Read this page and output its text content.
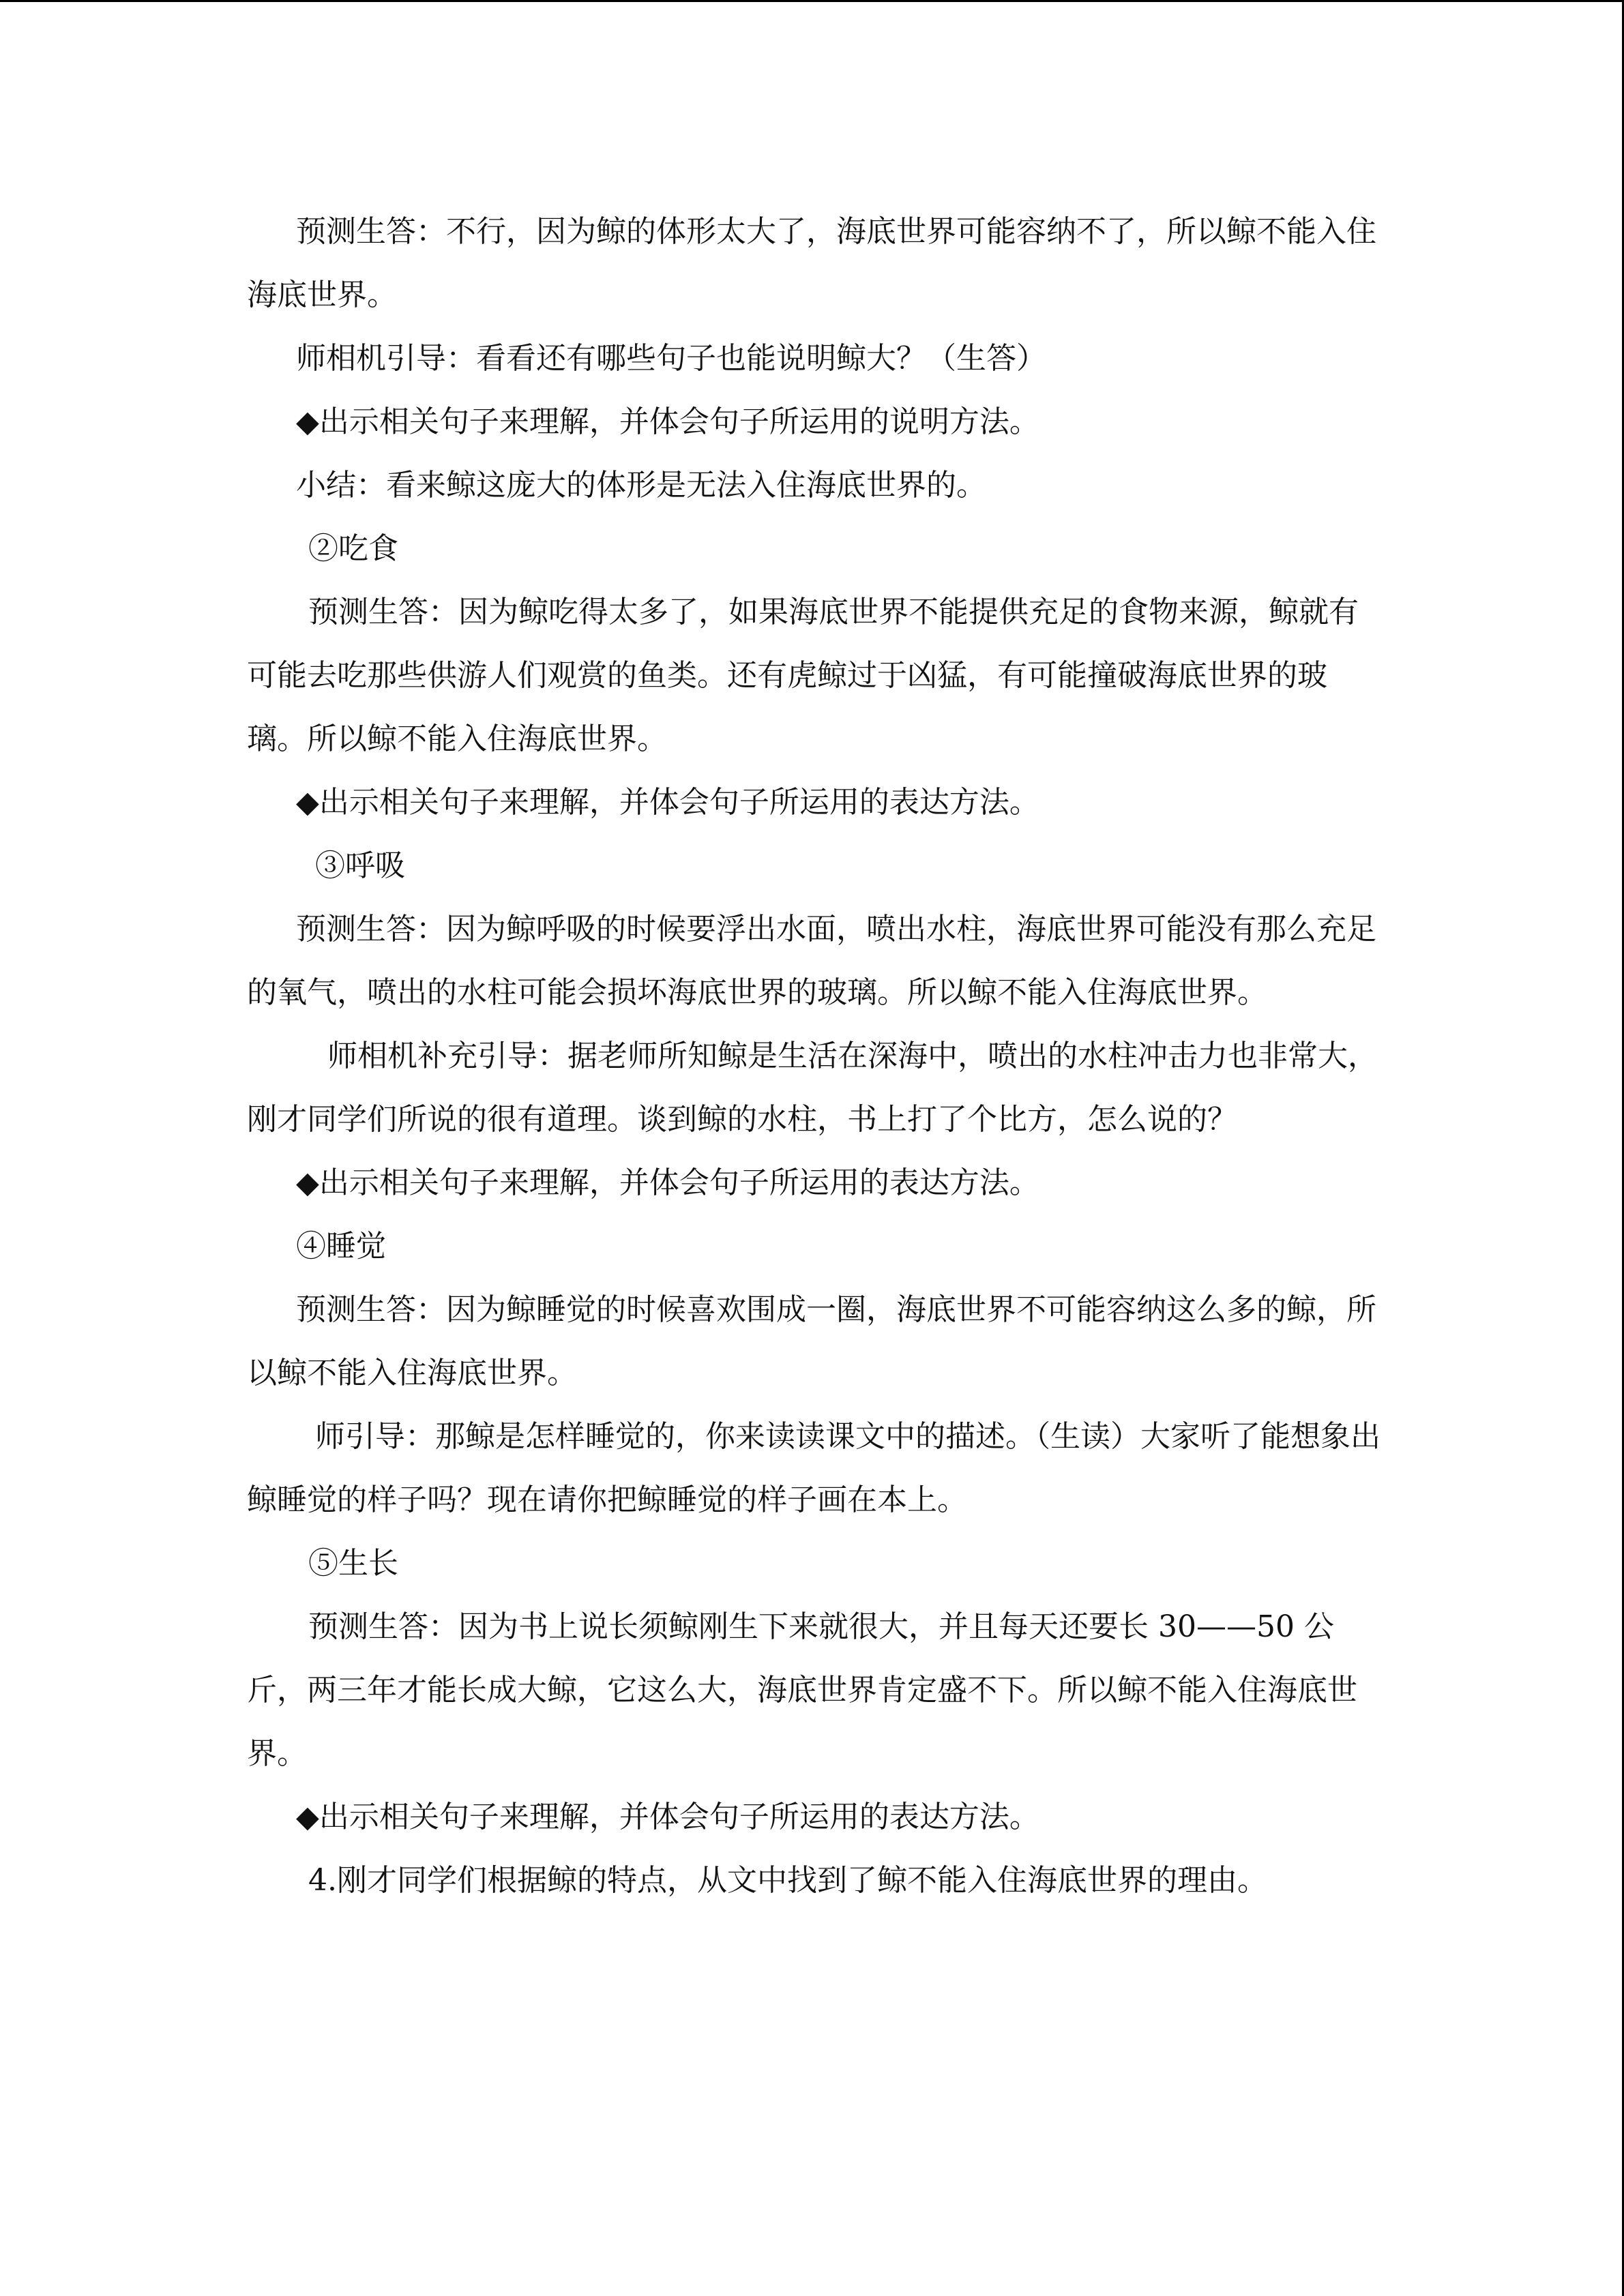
预测生答：不行，因为鲸的体形太大了，海底世界可能容纳不了，所以鲸不能入住海底世界。

师相机引导：看看还有哪些句子也能说明鲸大？（生答）

◆出示相关句子来理解，并体会句子所运用的说明方法。

小结：看来鲸这庞大的体形是无法入住海底世界的。

②吃食

预测生答：因为鲸吃得太多了，如果海底世界不能提供充足的食物来源，鲸就有可能去吃那些供游人们观赏的鱼类。还有虎鲸过于凶猛，有可能撞破海底世界的玻璃。所以鲸不能入住海底世界。

◆出示相关句子来理解，并体会句子所运用的表达方法。

③呼吸

预测生答：因为鲸呼吸的时候要浮出水面，喷出水柱，海底世界可能没有那么充足的氧气，喷出的水柱可能会损坏海底世界的玻璃。所以鲸不能入住海底世界。

师相机补充引导：据老师所知鲸是生活在深海中，喷出的水柱冲击力也非常大，刚才同学们所说的很有道理。谈到鲸的水柱，书上打了个比方，怎么说的？

◆出示相关句子来理解，并体会句子所运用的表达方法。

④睡觉

预测生答：因为鲸睡觉的时候喜欢围成一圈，海底世界不可能容纳这么多的鲸，所以鲸不能入住海底世界。

师引导：那鲸是怎样睡觉的，你来读读课文中的描述。（生读）大家听了能想象出鲸睡觉的样子吗？现在请你把鲸睡觉的样子画在本上。

⑤生长

预测生答：因为书上说长须鲸刚生下来就很大，并且每天还要长 30——50 公斤，两三年才能长成大鲸，它这么大，海底世界肯定盛不下。所以鲸不能入住海底世界。

◆出示相关句子来理解，并体会句子所运用的表达方法。

4.刚才同学们根据鲸的特点，从文中找到了鲸不能入住海底世界的理由。
